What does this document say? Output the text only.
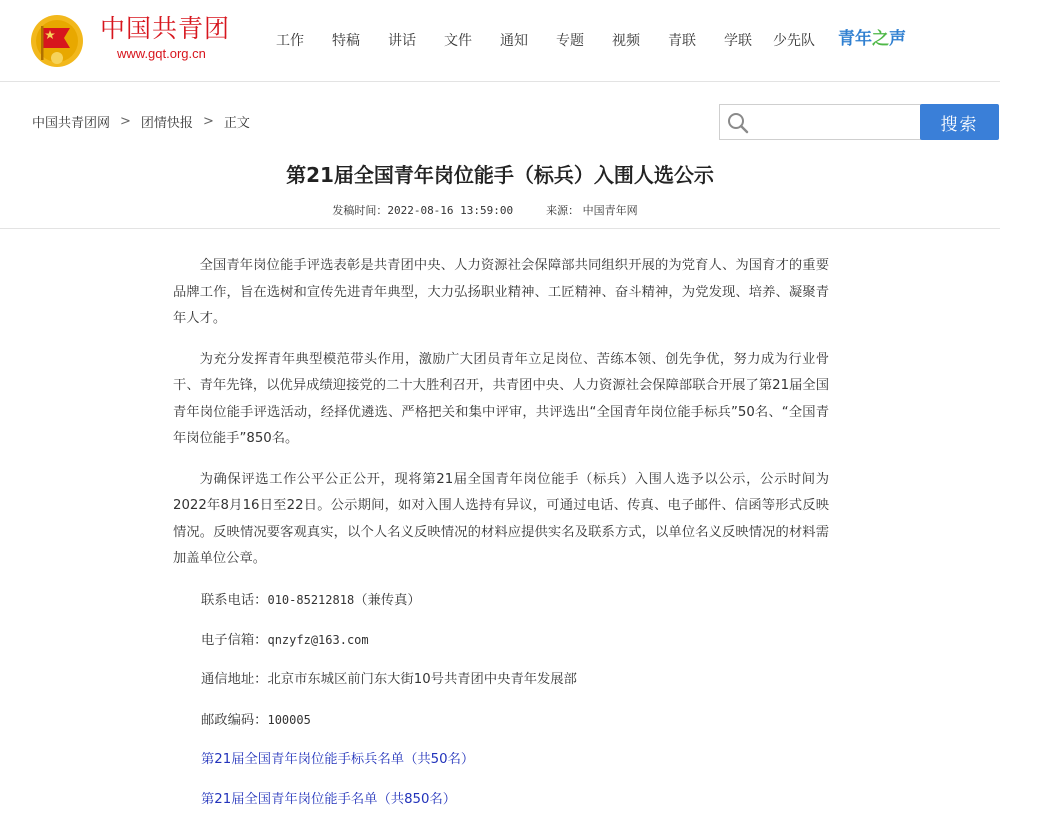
中国共青团
www.gqt.org.cn
工作	特稿	讲话	文件	通知	专题	视频	青联	学联	少先队	青年之声
中国共青团网 > 团情快报 > 正文	搜索
第21届全国青年岗位能手（标兵）入围人选公示
发稿时间：2022-08-16 13:59:00	来源： 中国青年网

全国青年岗位能手评选表彰是共青团中央、人力资源社会保障部共同组织开展的为党育人、为国育才的重要品牌工作，旨在选树和宣传先进青年典型，大力弘扬职业精神、工匠精神、奋斗精神，为党发现、培养、凝聚青年人才。

为充分发挥青年典型模范带头作用，激励广大团员青年立足岗位、苦练本领、创先争优，努力成为行业骨干、青年先锋，以优异成绩迎接党的二十大胜利召开，共青团中央、人力资源社会保障部联合开展了第21届全国青年岗位能手评选活动，经择优遴选、严格把关和集中评审，共评选出“全国青年岗位能手标兵”50名、“全国青年岗位能手”850名。

为确保评选工作公平公正公开，现将第21届全国青年岗位能手（标兵）入围人选予以公示，公示时间为2022年8月16日至22日。公示期间，如对入围人选持有异议，可通过电话、传真、电子邮件、信函等形式反映情况。反映情况要客观真实，以个人名义反映情况的材料应提供实名及联系方式，以单位名义反映情况的材料需加盖单位公章。

联系电话：010-85212818（兼传真）

电子信箱：qnzyfz@163.com

通信地址：北京市东城区前门东大街10号共青团中央青年发展部

邮政编码：100005

第21届全国青年岗位能手标兵名单（共50名）
第21届全国青年岗位能手名单（共850名）
